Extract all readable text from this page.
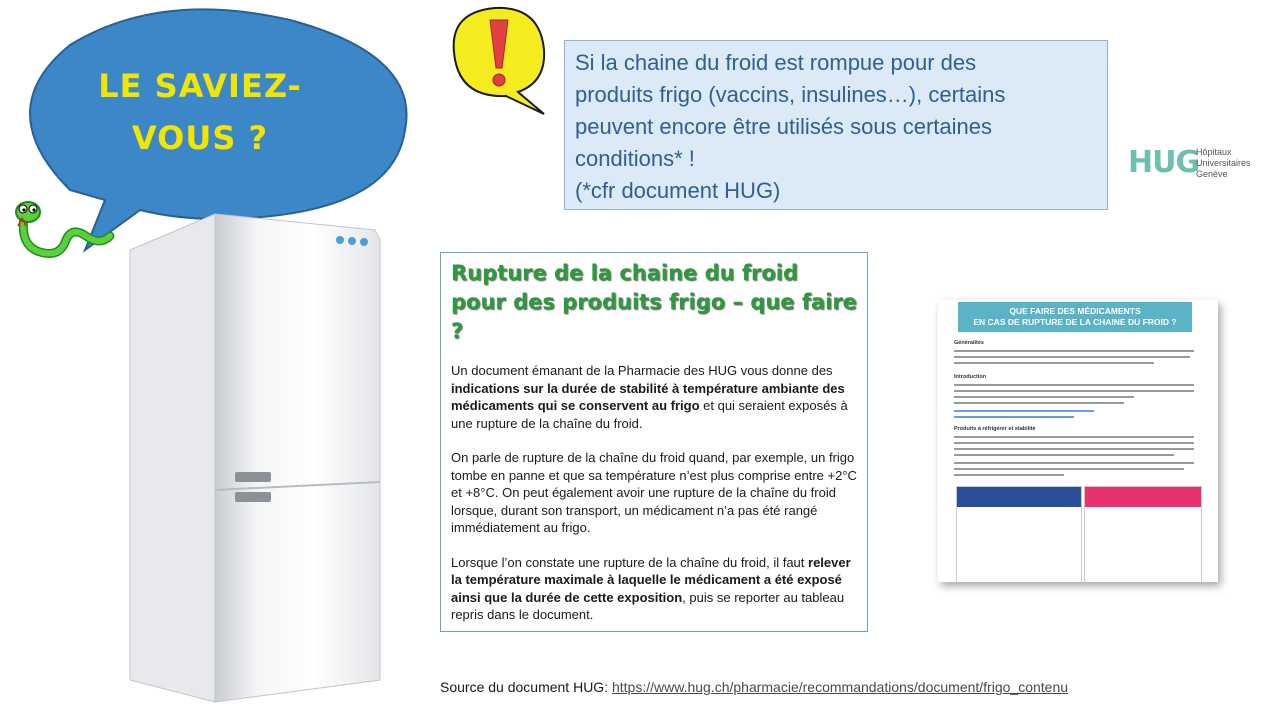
LE SAVIEZ-
VOUS ?
Si la chaine du froid est rompue pour des
produits frigo (vaccins, insulines…), certains
peuvent encore être utilisés sous certaines
conditions* !
(*cfr document HUG)
HUG
Hôpitaux
Universitaires
Genève
Rupture de la chaine du froid pour des produits frigo – que faire ?

Un document émanant de la Pharmacie des HUG vous donne des indications sur la durée de stabilité à température ambiante des médicaments qui se conservent au frigo et qui seraient exposés à une rupture de la chaîne du froid.

On parle de rupture de la chaîne du froid quand, par exemple, un frigo tombe en panne et que sa température n’est plus comprise entre +2°C et +8°C. On peut également avoir une rupture de la chaîne du froid lorsque, durant son transport, un médicament n’a pas été rangé immédiatement au frigo.

Lorsque l’on constate une rupture de la chaîne du froid, il faut relever la température maximale à laquelle le médicament a été exposé ainsi que la durée de cette exposition, puis se reporter au tableau repris dans le document.

QUE FAIRE DES MÉDICAMENTS
EN CAS DE RUPTURE DE LA CHAINE DU FROID ?
Généralités
Introduction
Produits à réfrigérer et stabilité
Source du document HUG: https://www.hug.ch/pharmacie/recommandations/document/frigo_contenu
